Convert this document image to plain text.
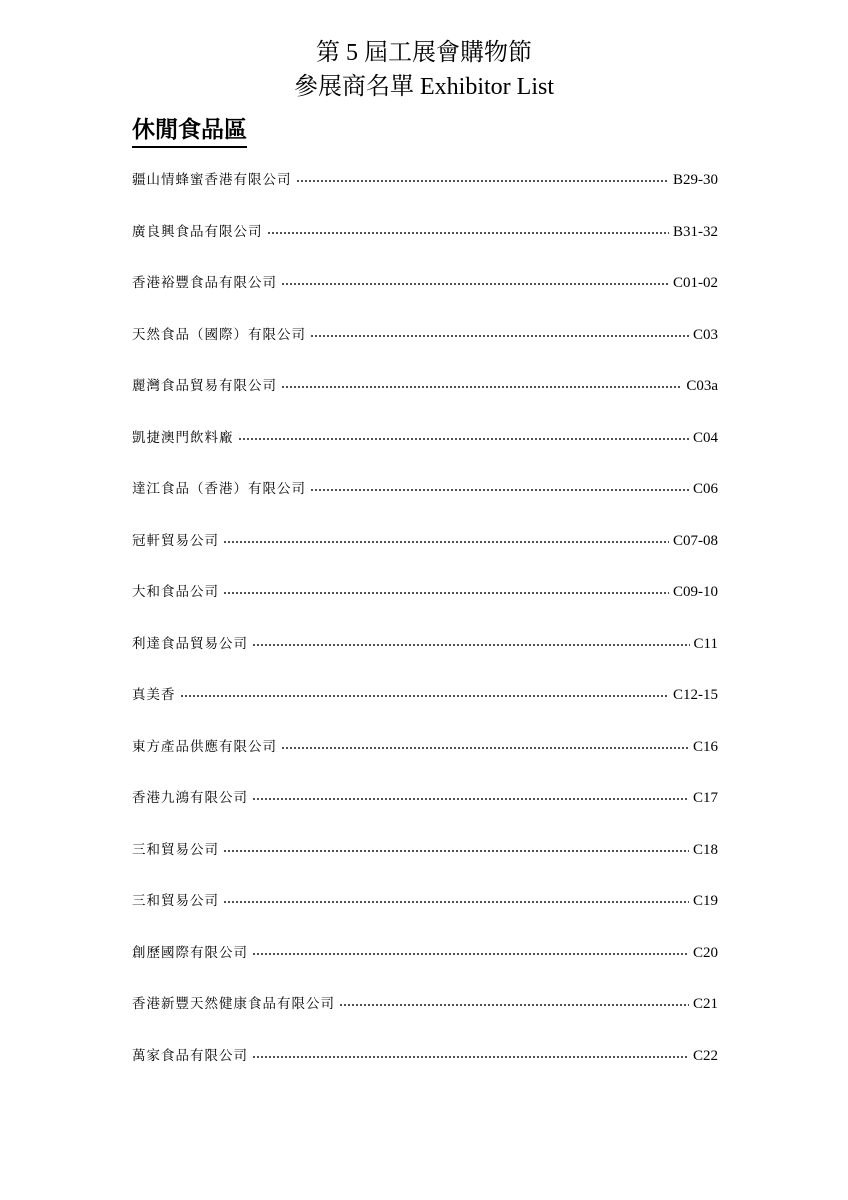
第 5 屆工展會購物節
參展商名單 Exhibitor List
休閒食品區
疆山情蜂蜜香港有限公司	B29-30
廣良興食品有限公司	B31-32
香港裕豐食品有限公司	C01-02
天然食品（國際）有限公司	C03
麗灣食品貿易有限公司	C03a
凱捷澳門飲料廠	C04
達江食品（香港）有限公司	C06
冠軒貿易公司	C07-08
大和食品公司	C09-10
利達食品貿易公司	C11
真美香	C12-15
東方產品供應有限公司	C16
香港九鴻有限公司	C17
三和貿易公司	C18
三和貿易公司	C19
創歷國際有限公司	C20
香港新豐天然健康食品有限公司	C21
萬家食品有限公司	C22
